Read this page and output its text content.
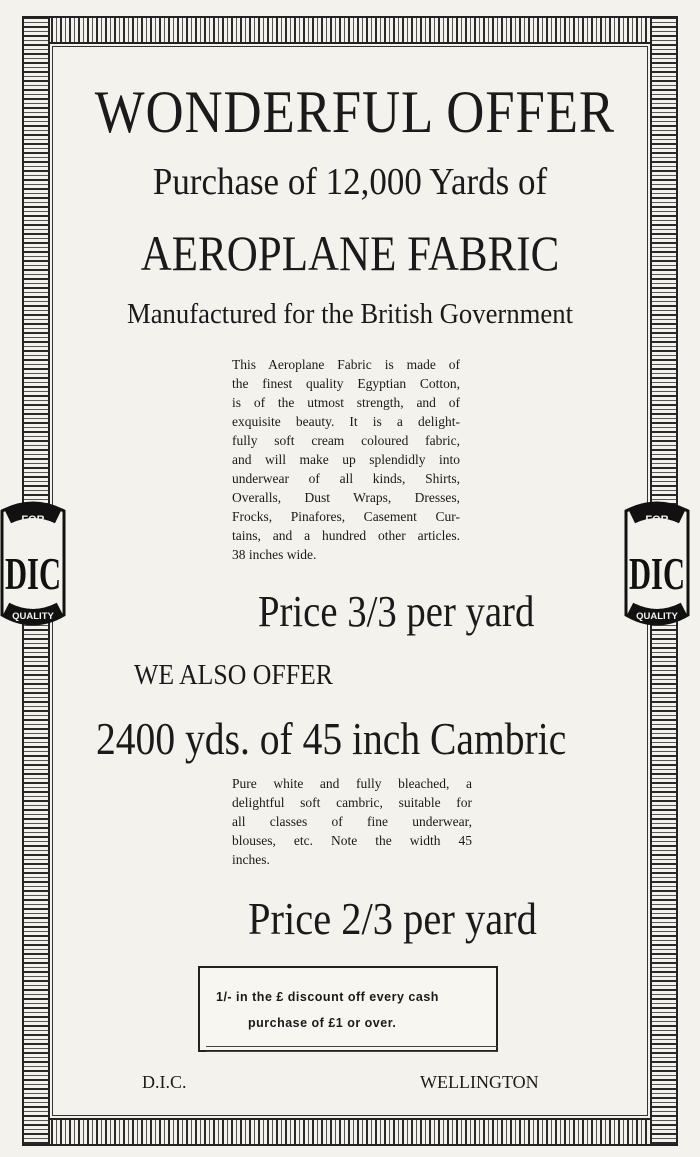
WONDERFUL OFFER
Purchase of 12,000 Yards of
AEROPLANE FABRIC
Manufactured for the British Government
This Aeroplane Fabric is made of
the finest quality Egyptian Cotton,
is of the utmost strength, and of
exquisite beauty. It is a delight-
fully soft cream coloured fabric,
and will make up splendidly into
underwear of all kinds, Shirts,
Overalls, Dust Wraps, Dresses,
Frocks, Pinafores, Casement Cur-
tains, and a hundred other articles.
38 inches wide.
Price 3/3 per yard
WE ALSO OFFER
2400 yds. of 45 inch Cambric
Pure white and fully bleached, a
delightful soft cambric, suitable for
all classes of fine underwear,
blouses, etc. Note the width 45
inches.
Price 2/3 per yard
1/- in the £ discount off every cash
purchase of £1 or over.
D.I.C.	WELLINGTON
FOR
DIC
QUALITY
FOR
DIC
QUALITY
